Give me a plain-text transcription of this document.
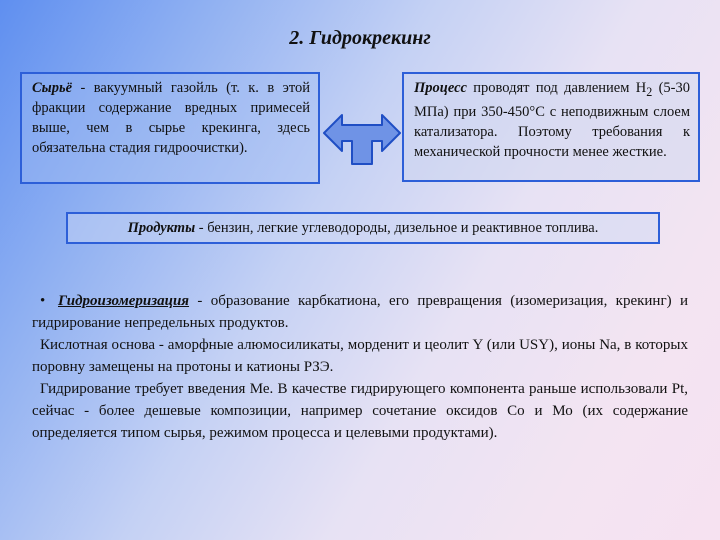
2. Гидрокрекинг
Сырьё - вакуумный газойль (т. к. в этой фракции содержание вредных примесей выше, чем в сырье крекинга, здесь обязательна стадия гидроочистки).
Процесс проводят под давлением $Н_2$ (5-30 МПа) при 350-450°С с неподвижным слоем катализатора. Поэтому требования к механической прочности менее жесткие.
Продукты - бензин, легкие углеводороды, дизельное и реактивное топлива.

• Гидроизомеризация - образование карбкатиона, его превращения (изомеризация, крекинг) и гидрирование непредельных продуктов.

Кислотная основа - аморфные алюмосиликаты, морденит и цеолит Y (или USY), ионы Na, в которых поровну замещены на протоны и катионы РЗЭ.

Гидрирование требует введения Ме. В качестве гидрирующего компонента раньше использовали Pt, сейчас - более дешевые композиции, например сочетание оксидов Со и Мо (их содержание определяется типом сырья, режимом процесса и целевыми продуктами).
